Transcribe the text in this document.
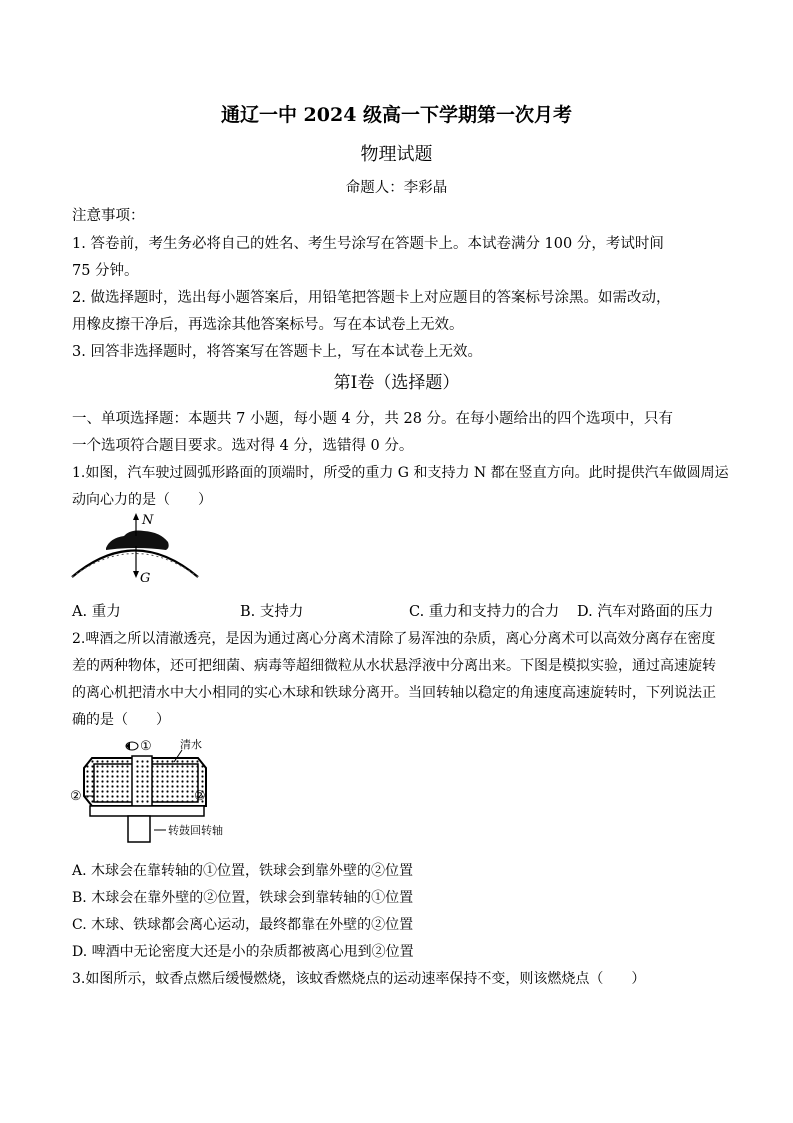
通辽一中 2024 级高一下学期第一次月考
物理试题
命题人：李彩晶
注意事项：
1. 答卷前，考生务必将自己的姓名、考生号涂写在答题卡上。本试卷满分 100 分，考试时间
75 分钟。
2. 做选择题时，选出每小题答案后，用铅笔把答题卡上对应题目的答案标号涂黑。如需改动，
用橡皮擦干净后，再选涂其他答案标号。写在本试卷上无效。
3. 回答非选择题时，将答案写在答题卡上，写在本试卷上无效。
第Ⅰ卷（选择题）
一、单项选择题：本题共 7 小题，每小题 4 分，共 28 分。在每小题给出的四个选项中，只有
一个选项符合题目要求。选对得 4 分，选错得 0 分。
1.如图，汽车驶过圆弧形路面的顶端时，所受的重力 G 和支持力 N 都在竖直方向。此时提供汽车做圆周运
动向心力的是（　　）
N
G
A. 重力	B. 支持力	C. 重力和支持力的合力 D. 汽车对路面的压力
2.啤酒之所以清澈透亮，是因为通过离心分离术清除了易浑浊的杂质，离心分离术可以高效分离存在密度
差的两种物体，还可把细菌、病毒等超细微粒从水状悬浮液中分离出来。下图是模拟实验，通过高速旋转
的离心机把清水中大小相同的实心木球和铁球分离开。当回转轴以稳定的角速度高速旋转时，下列说法正
确的是（　　）
①	清水
②	②
转鼓回转轴
A. 木球会在靠转轴的①位置，铁球会到靠外壁的②位置
B. 木球会在靠外壁的②位置，铁球会到靠转轴的①位置
C. 木球、铁球都会离心运动，最终都靠在外壁的②位置
D. 啤酒中无论密度大还是小的杂质都被离心甩到②位置
3.如图所示，蚊香点燃后缓慢燃烧，该蚊香燃烧点的运动速率保持不变，则该燃烧点（　　）
